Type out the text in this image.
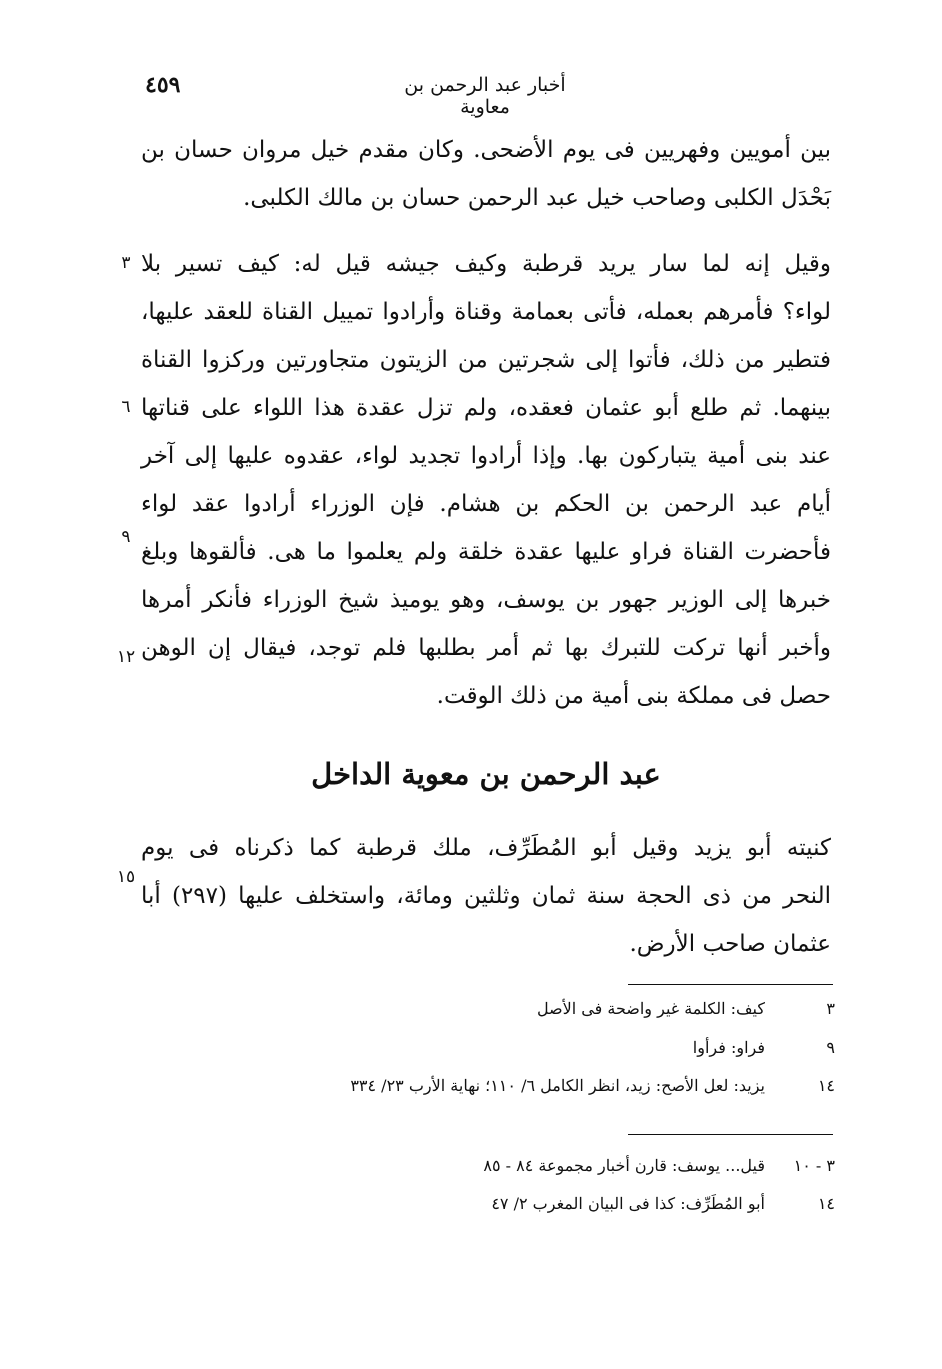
٤٥٩	أخبار عبد الرحمن بن معاوية
بين أمويين وفهريين فى يوم الأضحى. وكان مقدم خيل مروان حسان بن
بَحْدَل الكلبى وصاحب خيل عبد الرحمن حسان بن مالك الكلبى.
وقيل إنه لما سار يريد قرطبة وكيف جيشه قيل له: كيف تسير بلا
٣
لواء؟ فأمرهم بعمله، فأتى بعمامة وقناة وأرادوا تمييل القناة للعقد عليها،
فتطير من ذلك، فأتوا إلى شجرتين من الزيتون متجاورتين وركزوا القناة
بينهما. ثم طلع أبو عثمان فعقده، ولم تزل عقدة هذا اللواء على قناتها
٦
عند بنى أمية يتباركون بها. وإذا أرادوا تجديد لواء، عقدوه عليها إلى آخر
أيام عبد الرحمن بن الحكم بن هشام. فإن الوزراء أرادوا عقد لواء
فأحضرت القناة فراو عليها عقدة خلقة ولم يعلموا ما هى. فألقوها وبلغ
٩
خبرها إلى الوزير جهور بن يوسف، وهو يوميذ شيخ الوزراء فأنكر أمرها
وأخبر أنها تركت للتبرك بها ثم أمر بطلبها فلم توجد، فيقال إن الوهن
١٢
حصل فى مملكة بنى أمية من ذلك الوقت.
عبد الرحمن بن معوية الداخل
كنيته أبو يزيد وقيل أبو المُطَرِّف، ملك قرطبة كما ذكرناه فى يوم
النحر من ذى الحجة سنة ثمان وثلثين ومائة، واستخلف عليها (٢٩٧) أبا
١٥
عثمان صاحب الأرض.
٣
كيف: الكلمة غير واضحة فى الأصل
٩
فراو: فرأوا
١٤
يزيد: لعل الأصح: زيد، انظر الكامل ٦/ ١١٠؛ نهاية الأرب ٢٣/ ٣٣٤
٣ - ١٠
قيل... يوسف: قارن أخبار مجموعة ٨٤ - ٨٥
١٤
أبو المُطَرِّف: كذا فى البيان المغرب ٢/ ٤٧
